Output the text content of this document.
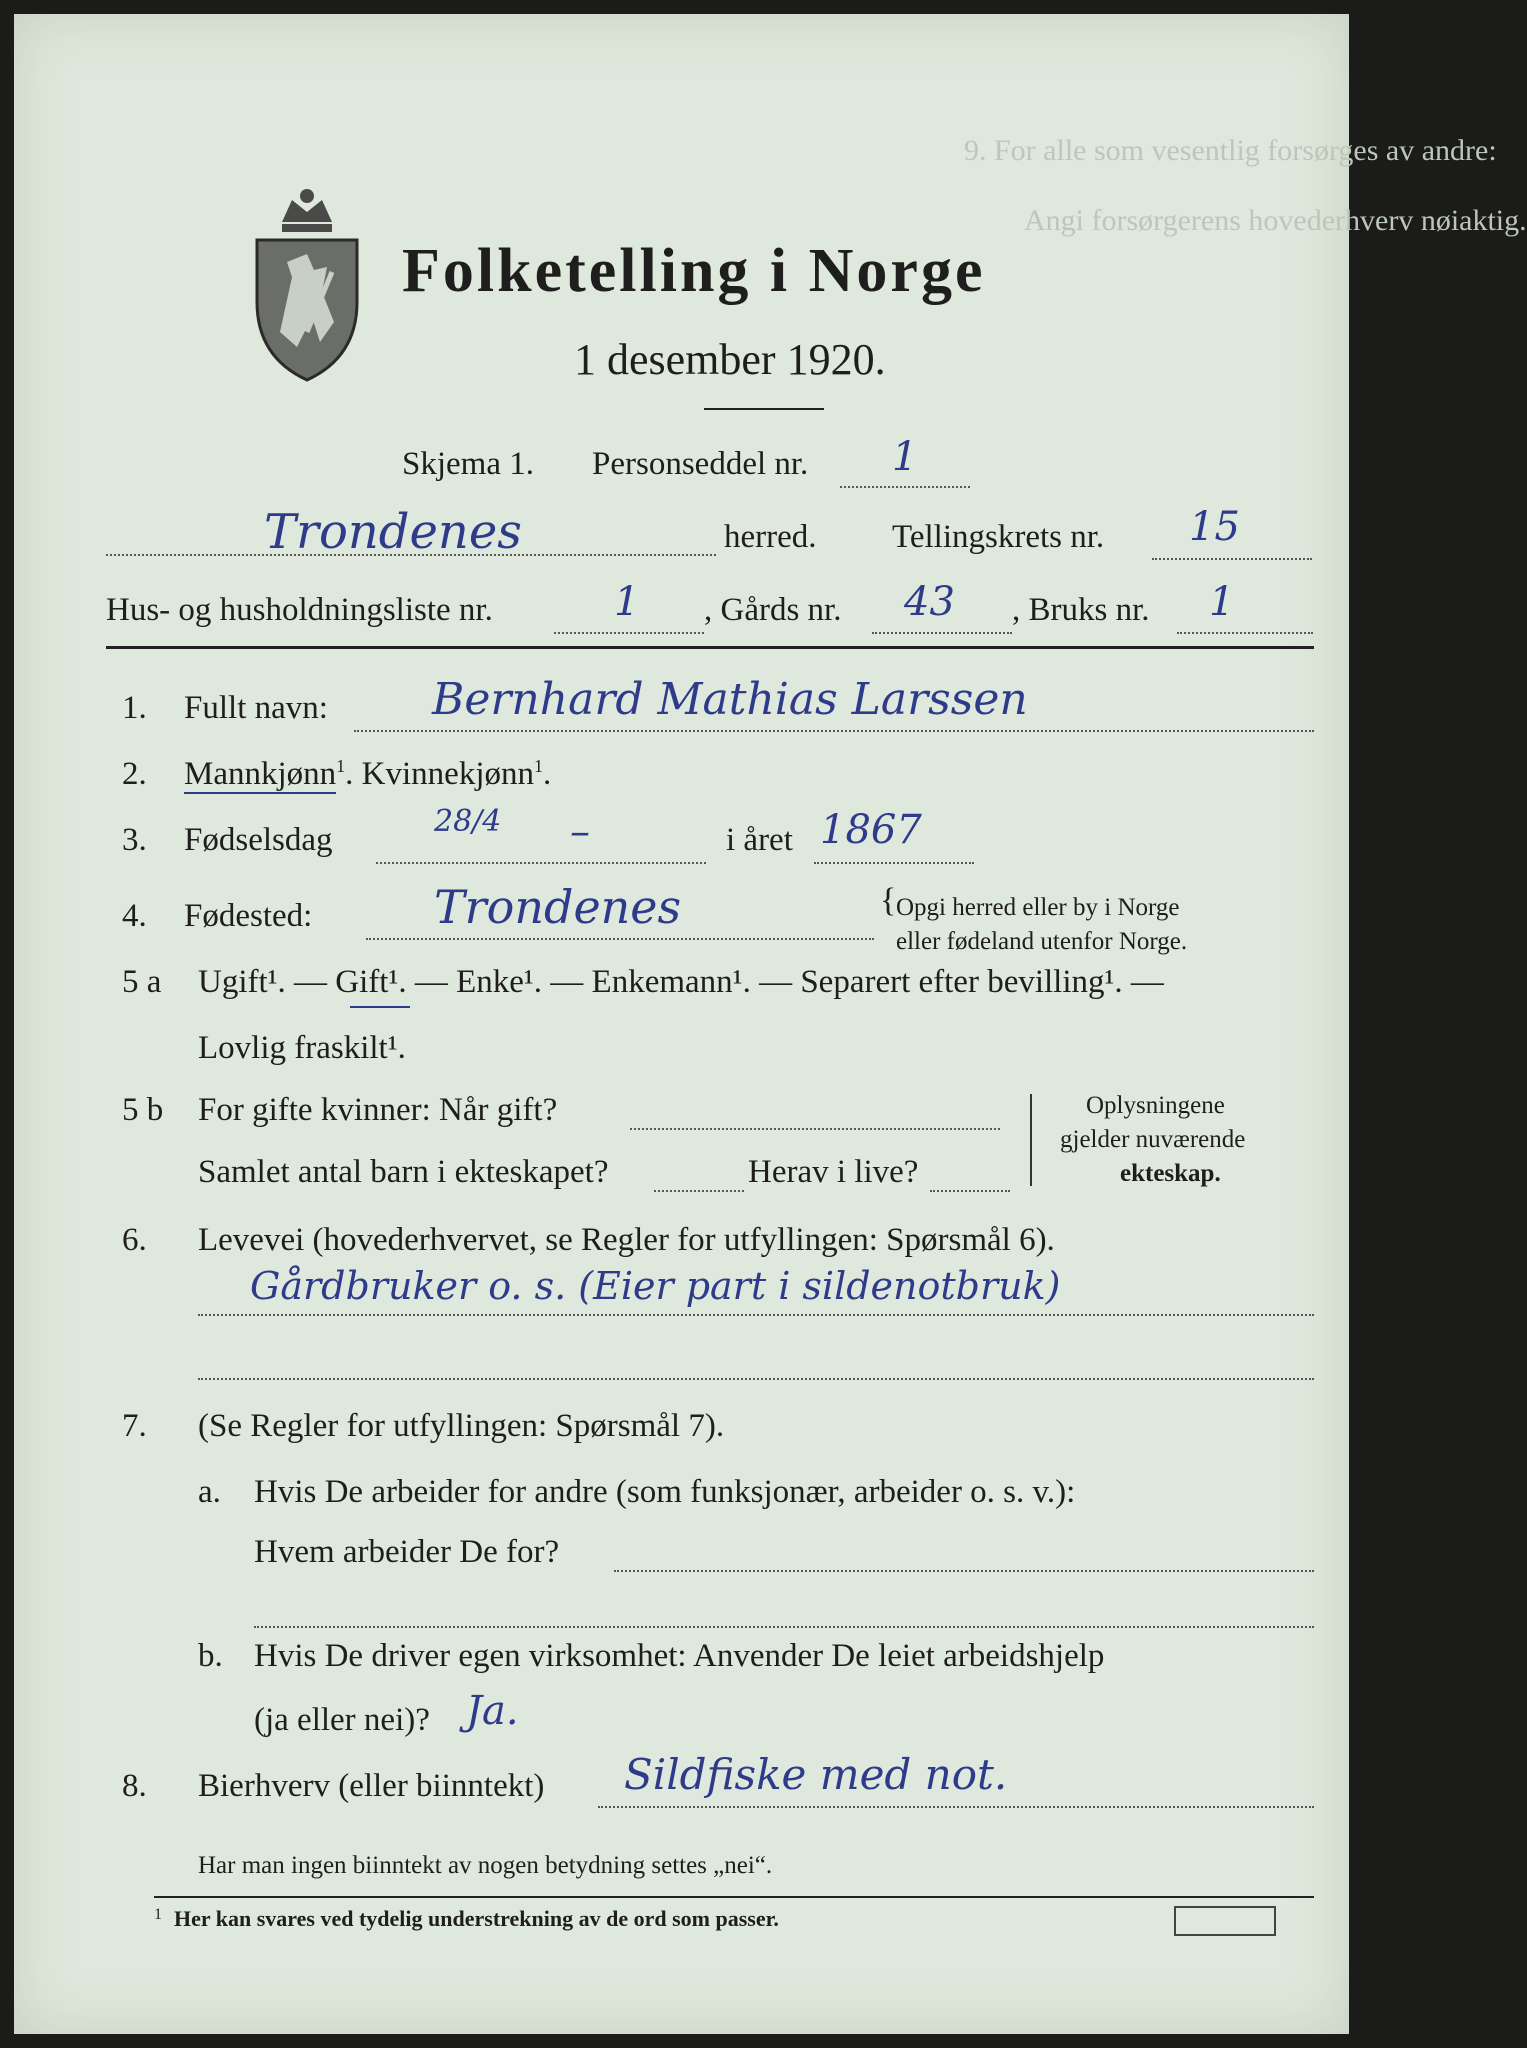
9. For alle som vesentlig forsørges av andre:
Angi forsørgerens hovederhverv nøiaktig.
Folketelling i Norge
1 desember 1920.
Skjema 1. Personseddel nr. 1
Trondenes	herred. Tellingskrets nr. 15
Hus- og husholdningsliste nr.	1 , Gårds nr. 43 , Bruks nr. 1
1. Fullt navn: Bernhard Mathias Larssen
2. Mannkjønn$^1$. Kvinnekjønn$^1$.
3. Fødselsdag
28/4 –	i året 1867
4. Fødested:	Trondenes	{ Opgi herred eller by i Norge
eller fødeland utenfor Norge.
5 a Ugift¹. — Gift¹. — Enke¹. — Enkemann¹. — Separert efter bevilling¹. —
Lovlig fraskilt¹.
5 b For gifte kvinner: Når gift?
Samlet antal barn i ekteskapet?	Herav i live?
Oplysningene
gjelder nuværende
ekteskap.
6. Levevei (hovederhvervet, se Regler for utfyllingen: Spørsmål 6).
Gårdbruker o. s. (Eier part i sildenotbruk)
7. (Se Regler for utfyllingen: Spørsmål 7).
a. Hvis De arbeider for andre (som funksjonær, arbeider o. s. v.):
Hvem arbeider De for?
b. Hvis De driver egen virksomhet: Anvender De leiet arbeidshjelp
(ja eller nei)? Ja.
8. Bierhverv (eller biinntekt) Sildfiske med not.
Har man ingen biinntekt av nogen betydning settes „nei“.
1 Her kan svares ved tydelig understrekning av de ord som passer.
